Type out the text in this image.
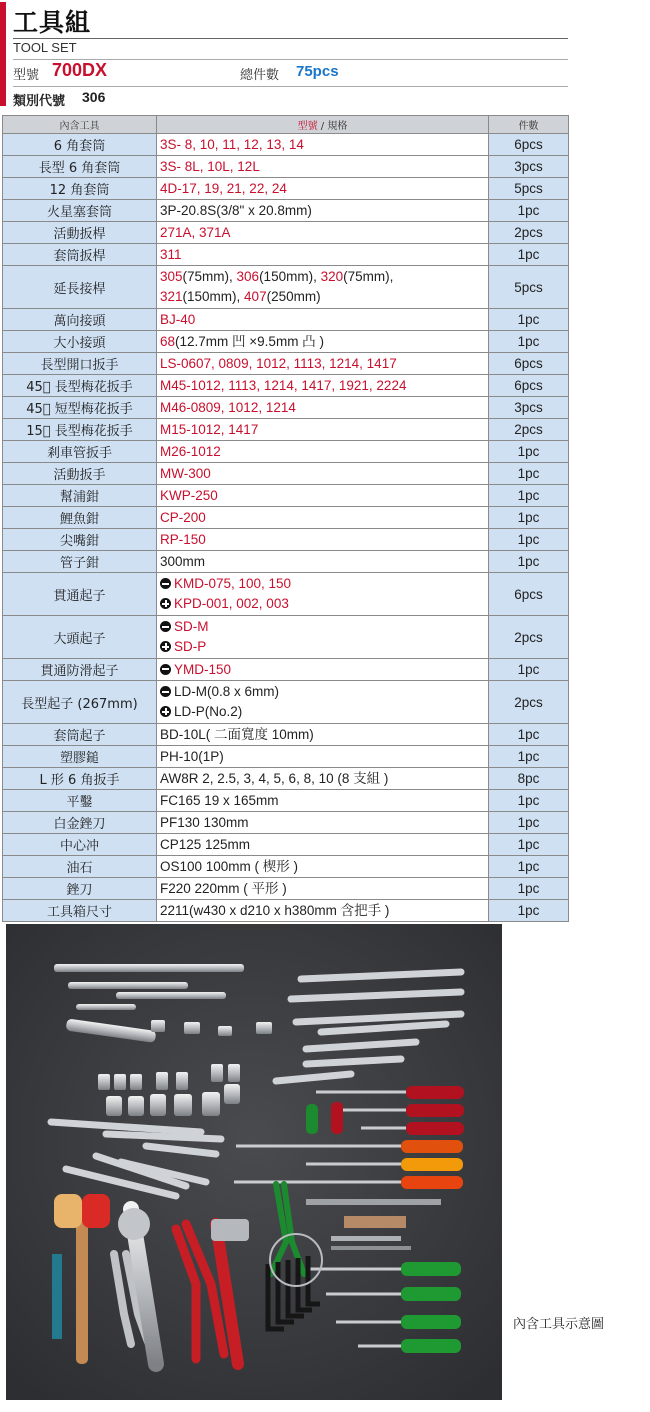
工具組
TOOL SET
型號 700DX	總件數 75pcs
類別代號 306
內含工具	型號 / 規格	件數
6 角套筒	3S- 8, 10, 11, 12, 13, 14	6pcs
長型 6 角套筒	3S- 8L, 10L, 12L	3pcs
12 角套筒	4D-17, 19, 21, 22, 24	5pcs
火星塞套筒	3P-20.8S(3/8" x 20.8mm)	1pc
活動扳桿	271A, 371A	2pcs
套筒扳桿	311	1pc
延長接桿	305(75mm), 306(150mm), 320(75mm),
321(150mm), 407(250mm)	5pcs
萬向接頭	BJ-40	1pc
大小接頭	68(12.7mm 凹 ×9.5mm 凸 )	1pc
長型開口扳手	LS-0607, 0809, 1012, 1113, 1214, 1417	6pcs
45゚ 長型梅花扳手	M45-1012, 1113, 1214, 1417, 1921, 2224	6pcs
45゚ 短型梅花扳手	M46-0809, 1012, 1214	3pcs
15゚ 長型梅花扳手	M15-1012, 1417	2pcs
剎車管扳手	M26-1012	1pc
活動扳手	MW-300	1pc
幫浦鉗	KWP-250	1pc
鯉魚鉗	CP-200	1pc
尖嘴鉗	RP-150	1pc
管子鉗	300mm	1pc
貫通起子	KMD-075, 100, 150
KPD-001, 002, 003	6pcs
大頭起子	SD-M
SD-P	2pcs
貫通防滑起子	YMD-150	1pc
長型起子 (267mm)	LD-M(0.8 x 6mm)
LD-P(No.2)	2pcs
套筒起子	BD-10L( 二面寬度 10mm)	1pc
塑膠鎚	PH-10(1P)	1pc
L 形 6 角扳手	AW8R 2, 2.5, 3, 4, 5, 6, 8, 10 (8 支組 )	8pc
平鑿	FC165 19 x 165mm	1pc
白金銼刀	PF130 130mm	1pc
中心冲	CP125 125mm	1pc
油石	OS100 100mm ( 楔形 )	1pc
銼刀	F220 220mm ( 平形 )	1pc
工具箱尺寸	2211(w430 x d210 x h380mm 含把手 )	1pc
內含工具示意圖
